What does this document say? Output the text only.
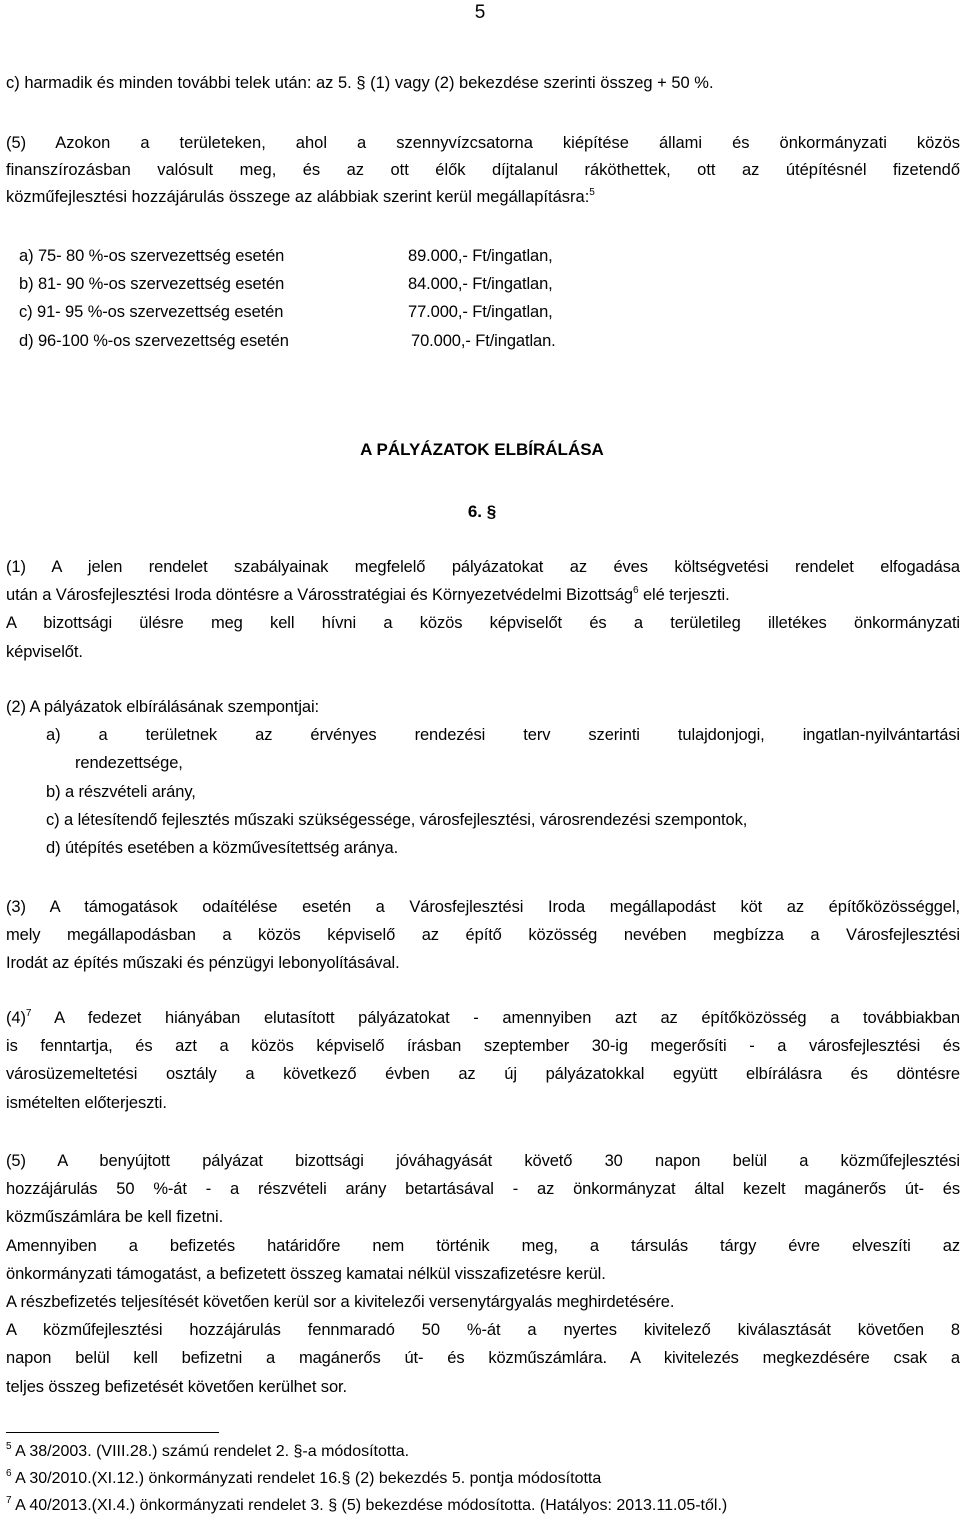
5
c) harmadik és minden további telek után: az 5. § (1) vagy (2) bekezdése szerinti összeg + 50 %.
(5) Azokon a területeken, ahol a szennyvízcsatorna kiépítése állami és önkormányzati közös
finanszírozásban valósult meg, és az ott élők díjtalanul ráköthettek, ott az útépítésnél fizetendő
közműfejlesztési hozzájárulás összege az alábbiak szerint kerül megállapításra:$^5$
a) 75- 80 %-os szervezettség esetén	89.000,- Ft/ingatlan,
b) 81- 90 %-os szervezettség esetén	84.000,- Ft/ingatlan,
c) 91- 95 %-os szervezettség esetén	77.000,- Ft/ingatlan,
d) 96-100 %-os szervezettség esetén	70.000,- Ft/ingatlan.
A PÁLYÁZATOK ELBÍRÁLÁSA
6. §
(1) A jelen rendelet szabályainak megfelelő pályázatokat az éves költségvetési rendelet elfogadása
után a Városfejlesztési Iroda döntésre a Városstratégiai és Környezetvédelmi Bizottság$^6$ elé terjeszti.
A bizottsági ülésre meg kell hívni a közös képviselőt és a területileg illetékes önkormányzati
képviselőt.
(2) A pályázatok elbírálásának szempontjai:
a) a területnek az érvényes rendezési terv szerinti tulajdonjogi, ingatlan-nyilvántartási
rendezettsége,
b) a részvételi arány,
c) a létesítendő fejlesztés műszaki szükségessége, városfejlesztési, városrendezési szempontok,
d) útépítés esetében a közművesítettség aránya.
(3) A támogatások odaítélése esetén a Városfejlesztési Iroda megállapodást köt az építőközösséggel,
mely megállapodásban a közös képviselő az építő közösség nevében megbízza a Városfejlesztési
Irodát az építés műszaki és pénzügyi lebonyolításával.
$(4)^7$ A fedezet hiányában elutasított pályázatokat - amennyiben azt az építőközösség a továbbiakban
is fenntartja, és azt a közös képviselő írásban szeptember 30-ig megerősíti - a városfejlesztési és
városüzemeltetési osztály a következő évben az új pályázatokkal együtt elbírálásra és döntésre
ismételten előterjeszti.
(5) A benyújtott pályázat bizottsági jóváhagyását követő 30 napon belül a közműfejlesztési
hozzájárulás 50 %-át - a részvételi arány betartásával - az önkormányzat által kezelt magánerős út- és
közműszámlára be kell fizetni.
Amennyiben a befizetés határidőre nem történik meg, a társulás tárgy évre elveszíti az
önkormányzati támogatást, a befizetett összeg kamatai nélkül visszafizetésre kerül.
A részbefizetés teljesítését követően kerül sor a kivitelezői versenytárgyalás meghirdetésére.
A közműfejlesztési hozzájárulás fennmaradó 50 %-át a nyertes kivitelező kiválasztását követően 8
napon belül kell befizetni a magánerős út- és közműszámlára. A kivitelezés megkezdésére csak a
teljes összeg befizetését követően kerülhet sor.
$^5$ A 38/2003. (VIII.28.) számú rendelet 2. §-a módosította.
$^6$ A 30/2010.(XI.12.) önkormányzati rendelet 16.§ (2) bekezdés 5. pontja módosította
$^7$ A 40/2013.(XI.4.) önkormányzati rendelet 3. § (5) bekezdése módosította. (Hatályos: 2013.11.05-től.)
